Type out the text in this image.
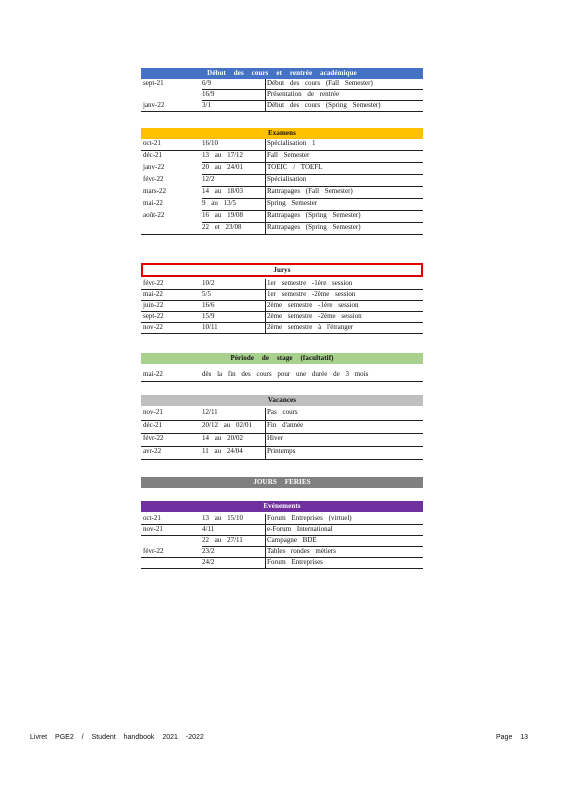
Début des cours et rentrée académique
sept-21	6/9	Début des cours (Fall Semester)
16/9	Présentation de rentrée
janv-22	3/1	Début des cours (Spring Semester)
Examens
oct-21	16/10	Spécialisation 1
déc-21	13 au 17/12	Fall Semester
janv-22	20 au 24/01	TOEIC / TOEFL
févr-22	12/2	Spécialisation
mars-22	14 au 18/03	Rattrapages (Fall Semester)
mai-22	9 au 13/5	Spring Semester
août-22	16 au 19/08	Rattrapages (Spring Semester)
22 et 23/08	Rattrapages (Spring Semester)
Jurys
févr-22	10/2	1er semestre -1ère session
mai-22	5/5	1er semestre -2ème session
juin-22	16/6	2ème semestre -1ère session
sept-22	15/9	2ème semestre -2ème session
nov-22	10/11	2ème semestre à l'étranger
Période de stage (facultatif)
mai-22	dès la fin des cours pour une durée de 3 mois
Vacances
nov-21	12/11	Pas cours
déc-21	20/12 au 02/01 Fin d'année
févr-22	14 au 20/02	Hiver
avr-22	11 au 24/04	Printemps
JOURS FERIES
Evénements
oct-21	13 au 15/10	Forum Entreprises (virtuel)
nov-21	4/11	e-Forum International
22 au 27/11	Campagne BDE
févr-22	23/2	Tables rondes métiers
24/2	Forum Entreprises
Livret PGE2 / Student handbook 2021 -2022	Page 13
